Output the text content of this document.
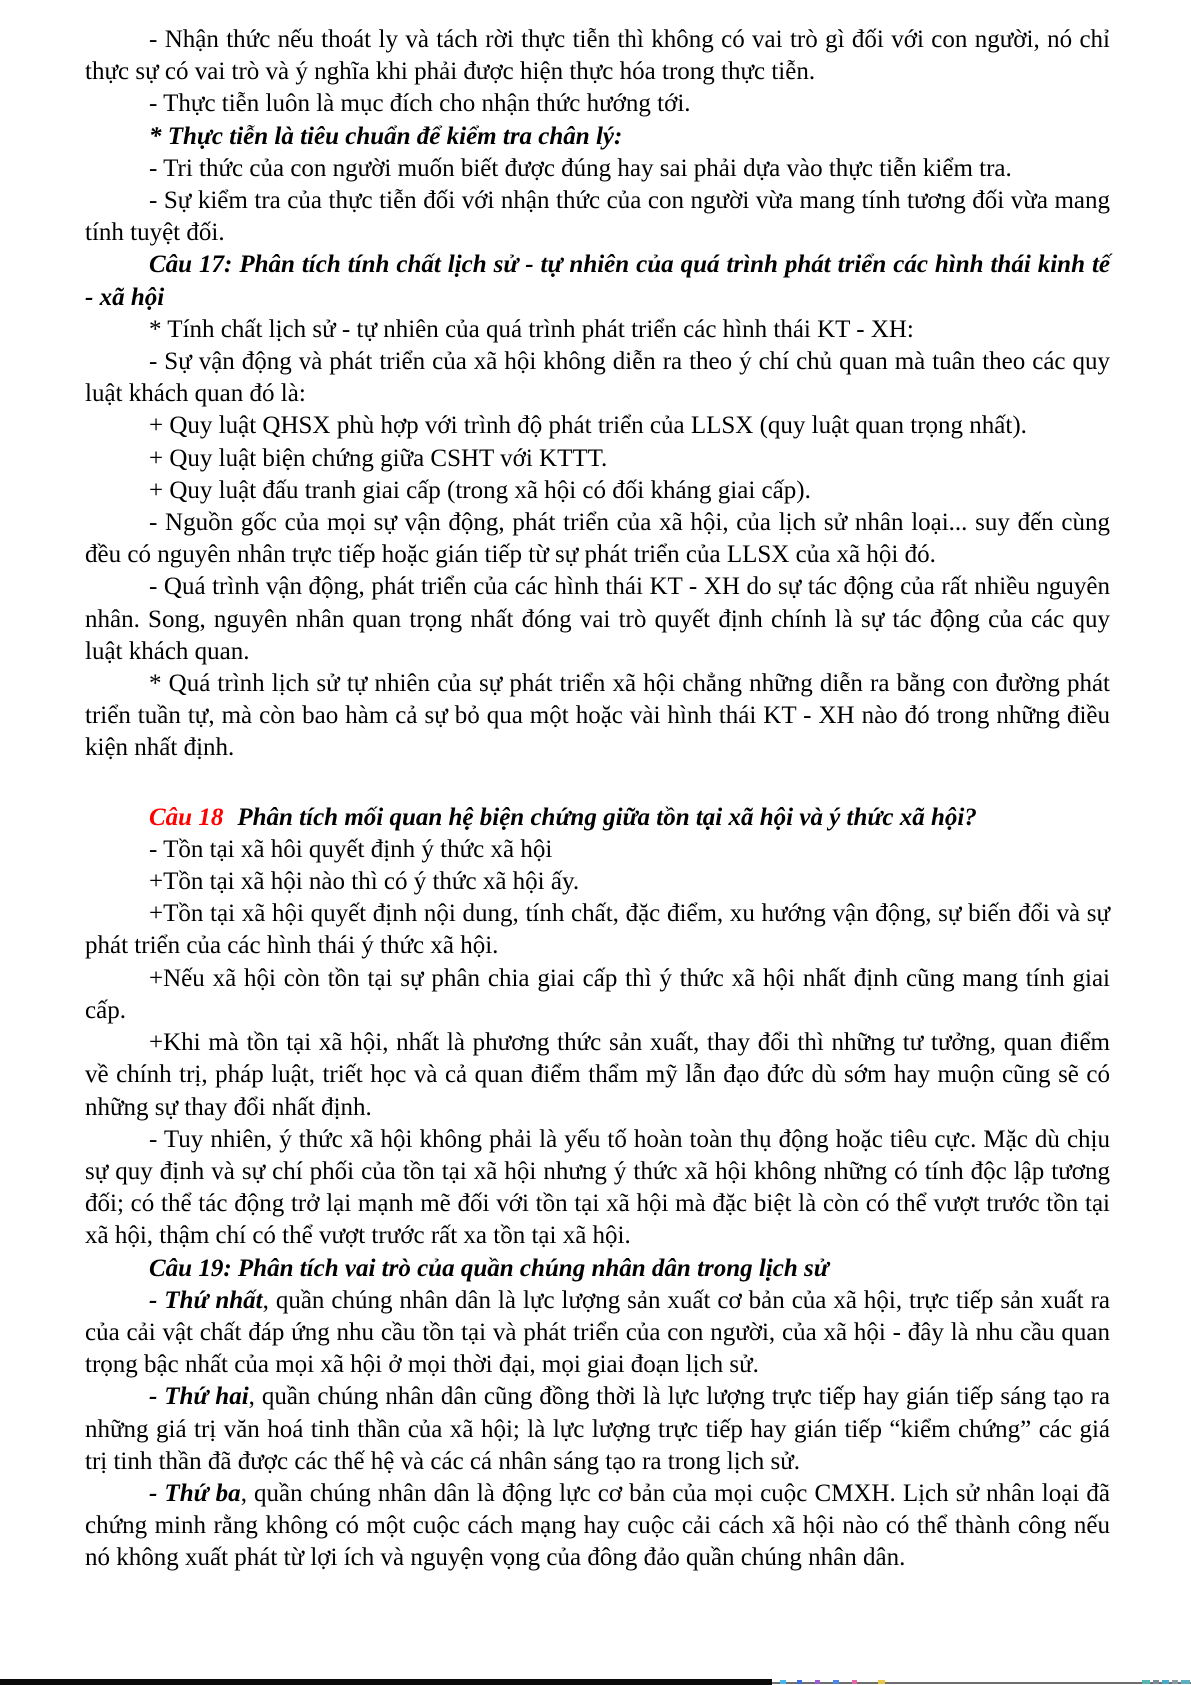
- Nhận thức nếu thoát ly và tách rời thực tiễn thì không có vai trò gì đối với con người, nó chỉ thực sự có vai trò và ý nghĩa khi phải được hiện thực hóa trong thực tiễn.

- Thực tiễn luôn là mục đích cho nhận thức hướng tới.

* Thực tiễn là tiêu chuẩn để kiểm tra chân lý:

- Tri thức của con người muốn biết được đúng hay sai phải dựa vào thực tiễn kiểm tra.

- Sự kiểm tra của thực tiễn đối với nhận thức của con người vừa mang tính tương đối vừa mang tính tuyệt đối.

Câu 17: Phân tích tính chất lịch sử - tự nhiên của quá trình phát triển các hình thái kinh tế - xã hội

* Tính chất lịch sử - tự nhiên của quá trình phát triển các hình thái KT - XH:

- Sự vận động và phát triển của xã hội không diễn ra theo ý chí chủ quan mà tuân theo các quy luật khách quan đó là:

+ Quy luật QHSX phù hợp với trình độ phát triển của LLSX (quy luật quan trọng nhất).

+ Quy luật biện chứng giữa CSHT với KTTT.

+ Quy luật đấu tranh giai cấp (trong xã hội có đối kháng giai cấp).

- Nguồn gốc của mọi sự vận động, phát triển của xã hội, của lịch sử nhân loại... suy đến cùng đều có nguyên nhân trực tiếp hoặc gián tiếp từ sự phát triển của LLSX của xã hội đó.

- Quá trình vận động, phát triển của các hình thái KT - XH do sự tác động của rất nhiều nguyên nhân. Song, nguyên nhân quan trọng nhất đóng vai trò quyết định chính là sự tác động của các quy luật khách quan.

* Quá trình lịch sử tự nhiên của sự phát triển xã hội chẳng những diễn ra bằng con đường phát triển tuần tự, mà còn bao hàm cả sự bỏ qua một hoặc vài hình thái KT - XH nào đó trong những điều kiện nhất định.

Câu 18 Phân tích mối quan hệ biện chứng giữa tồn tại xã hội và ý thức xã hội?

- Tồn tại xã hôi quyết định ý thức xã hội

+Tồn tại xã hội nào thì có ý thức xã hội ấy.

+Tồn tại xã hội quyết định nội dung, tính chất, đặc điểm, xu hướng vận động, sự biến đổi và sự phát triển của các hình thái ý thức xã hội.

+Nếu xã hội còn tồn tại sự phân chia giai cấp thì ý thức xã hội nhất định cũng mang tính giai cấp.

+Khi mà tồn tại xã hội, nhất là phương thức sản xuất, thay đổi thì những tư tưởng, quan điểm về chính trị, pháp luật, triết học và cả quan điểm thẩm mỹ lẫn đạo đức dù sớm hay muộn cũng sẽ có những sự thay đổi nhất định.

- Tuy nhiên, ý thức xã hội không phải là yếu tố hoàn toàn thụ động hoặc tiêu cực. Mặc dù chịu sự quy định và sự chí phối của tồn tại xã hội nhưng ý thức xã hội không những có tính độc lập tương đối; có thể tác động trở lại mạnh mẽ đối với tồn tại xã hội mà đặc biệt là còn có thể vượt trước tồn tại xã hội, thậm chí có thể vượt trước rất xa tồn tại xã hội.

Câu 19: Phân tích vai trò của quần chúng nhân dân trong lịch sử

- Thứ nhất, quần chúng nhân dân là lực lượng sản xuất cơ bản của xã hội, trực tiếp sản xuất ra của cải vật chất đáp ứng nhu cầu tồn tại và phát triển của con người, của xã hội - đây là nhu cầu quan trọng bậc nhất của mọi xã hội ở mọi thời đại, mọi giai đoạn lịch sử.

- Thứ hai, quần chúng nhân dân cũng đồng thời là lực lượng trực tiếp hay gián tiếp sáng tạo ra những giá trị văn hoá tinh thần của xã hội; là lực lượng trực tiếp hay gián tiếp “kiểm chứng” các giá trị tinh thần đã được các thế hệ và các cá nhân sáng tạo ra trong lịch sử.

- Thứ ba, quần chúng nhân dân là động lực cơ bản của mọi cuộc CMXH. Lịch sử nhân loại đã chứng minh rằng không có một cuộc cách mạng hay cuộc cải cách xã hội nào có thể thành công nếu nó không xuất phát từ lợi ích và nguyện vọng của đông đảo quần chúng nhân dân.
